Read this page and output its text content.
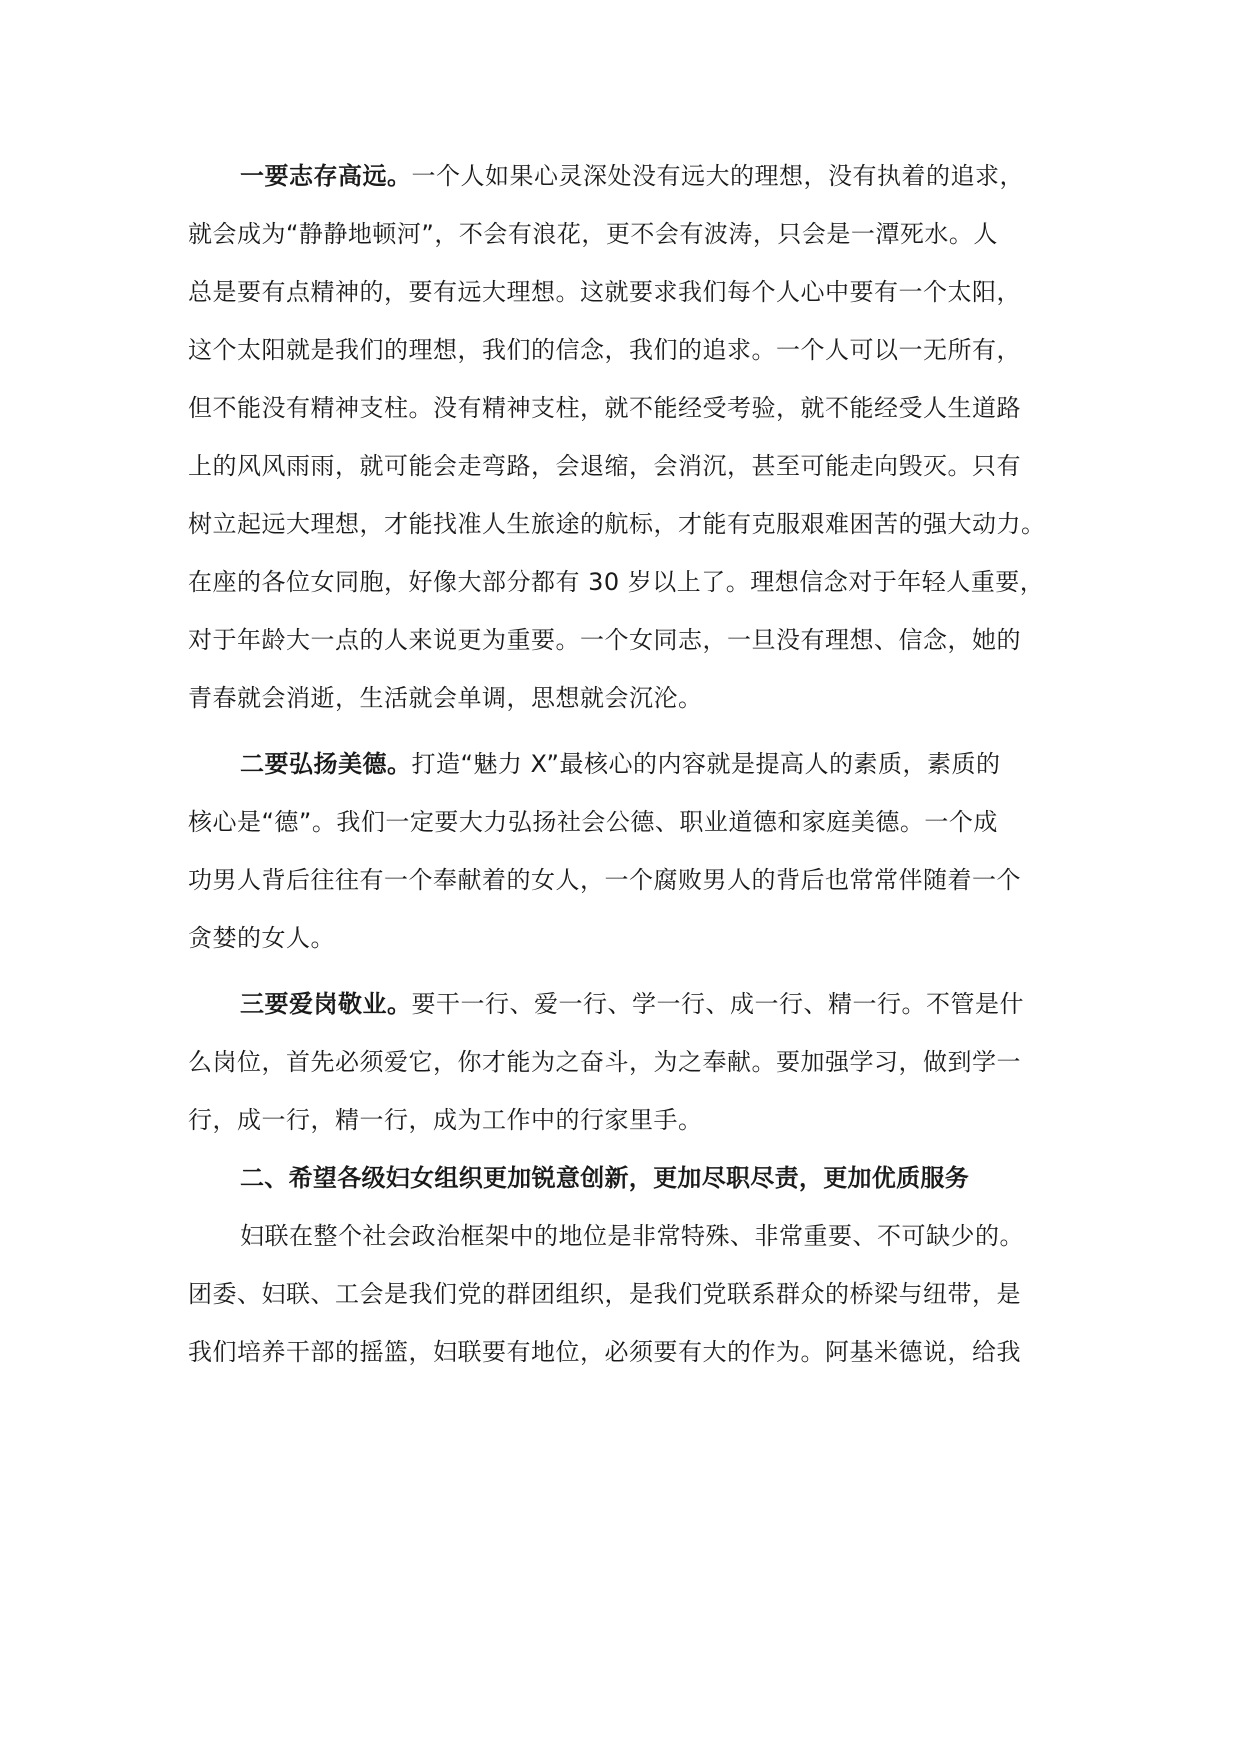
一要志存高远。一个人如果心灵深处没有远大的理想，没有执着的追求，
就会成为“静静地顿河”，不会有浪花，更不会有波涛，只会是一潭死水。人
总是要有点精神的，要有远大理想。这就要求我们每个人心中要有一个太阳，
这个太阳就是我们的理想，我们的信念，我们的追求。一个人可以一无所有，
但不能没有精神支柱。没有精神支柱，就不能经受考验，就不能经受人生道路
上的风风雨雨，就可能会走弯路，会退缩，会消沉，甚至可能走向毁灭。只有
树立起远大理想，才能找准人生旅途的航标，才能有克服艰难困苦的强大动力。
在座的各位女同胞，好像大部分都有 30 岁以上了。理想信念对于年轻人重要，
对于年龄大一点的人来说更为重要。一个女同志，一旦没有理想、信念，她的
青春就会消逝，生活就会单调，思想就会沉沦。
二要弘扬美德。打造“魅力 X”最核心的内容就是提高人的素质，素质的
核心是“德”。我们一定要大力弘扬社会公德、职业道德和家庭美德。一个成
功男人背后往往有一个奉献着的女人，一个腐败男人的背后也常常伴随着一个
贪婪的女人。
三要爱岗敬业。要干一行、爱一行、学一行、成一行、精一行。不管是什
么岗位，首先必须爱它，你才能为之奋斗，为之奉献。要加强学习，做到学一
行，成一行，精一行，成为工作中的行家里手。
二、希望各级妇女组织更加锐意创新，更加尽职尽责，更加优质服务
妇联在整个社会政治框架中的地位是非常特殊、非常重要、不可缺少的。
团委、妇联、工会是我们党的群团组织，是我们党联系群众的桥梁与纽带，是
我们培养干部的摇篮，妇联要有地位，必须要有大的作为。阿基米德说，给我
